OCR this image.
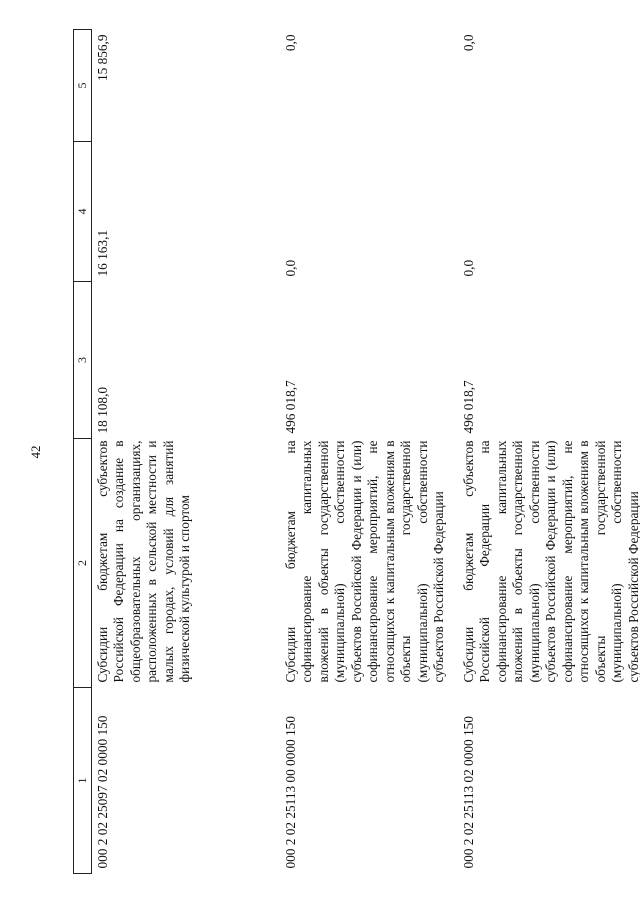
42
1	2	3	4	5
000 2 02 25097 02 0000 150	Субсидии бюджетам субъектов Российской Федерации на создание в общеобразовательных организациях, расположенных в сельской местности и малых городах, условий для занятий физической культурой и спортом	18 108,0	16 163,1	15 856,9
000 2 02 25113 00 0000 150	Субсидии бюджетам на софинансирование капитальных вложений в объекты государственной (муниципальной) собственности субъектов Российской Федерации и (или) софинансирование мероприятий, не относящихся к капитальным вложениям в объекты государственной (муниципальной) собственности субъектов Российской Федерации	496 018,7	0,0	0,0
000 2 02 25113 02 0000 150	Субсидии бюджетам субъектов Российской Федерации на софинансирование капитальных вложений в объекты государственной (муниципальной) собственности субъектов Российской Федерации и (или) софинансирование мероприятий, не относящихся к капитальным вложениям в объекты государственной (муниципальной) собственности субъектов Российской Федерации	496 018,7	0,0	0,0
